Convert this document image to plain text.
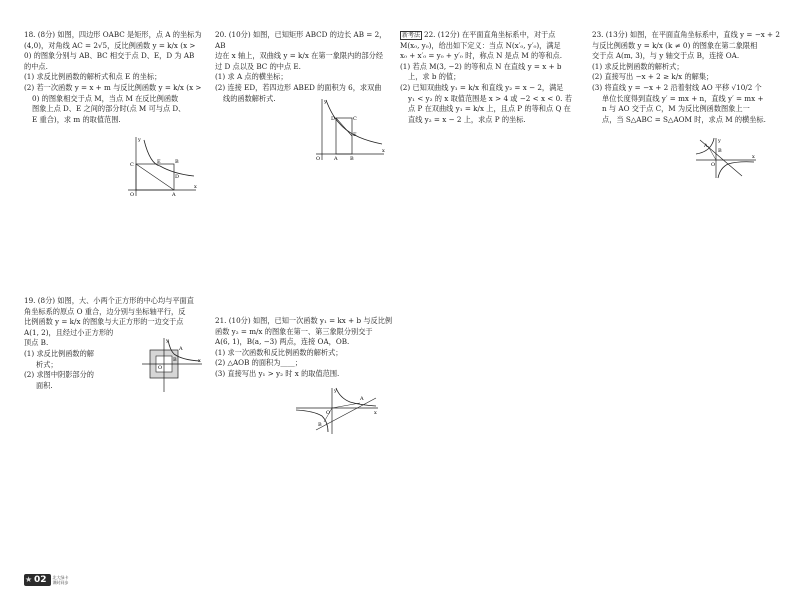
18. (8分) 如图，四边形 OABC 是矩形，点 A 的坐标为

(4,0)，对角线 AC = 2√5，反比例函数 y = k/x (x >

0) 的图象分别与 AB、BC 相交于点 D、E，D 为 AB

的中点.

(1) 求反比例函数的解析式和点 E 的坐标；

(2) 若一次函数 y = x + m 与反比例函数 y = k/x (x >

0) 的图象相交于点 M，当点 M 在反比例函数

图象上点 D、E 之间的部分时(点 M 可与点 D、

E 重合)，求 m 的取值范围.

y
C	B
E
D
O	A
x

20. (10分) 如图，已知矩形 ABCD 的边长 AB = 2，AB

边在 x 轴上，双曲线 y = k/x 在第一象限内的部分经

过 D 点以及 BC 的中点 E.

(1) 求 A 点的横坐标；

(2) 连接 ED，若四边形 ABED 的面积为 6，求双曲

线的函数解析式.	y
D	C
E
O	A B
x

新考法 22. (12分) 在平面直角坐标系中，对于点

M(x₀, y₀)，给出如下定义：当点 N(x′₀, y′₀)，满足

x₀ + x′₀ = y₀ + y′₀ 时，称点 N 是点 M 的等和点.

(1) 若点 M(3, −2) 的等和点 N 在直线 y = x + b

上，求 b 的值；

(2) 已知双曲线 y₁ = k/x 和直线 y₂ = x − 2，满足

y₁ < y₂ 的 x 取值范围是 x > 4 或 −2 < x < 0. 若

点 P 在双曲线 y₁ = k/x 上，且点 P 的等和点 Q 在

直线 y₂ = x − 2 上，求点 P 的坐标.

23. (13分) 如图，在平面直角坐标系中，直线 y = −x + 2

与反比例函数 y = k/x (k ≠ 0) 的图象在第二象限相

交于点 A(m, 3)，与 y 轴交于点 B，连接 OA.

(1) 求反比例函数的解析式；

(2) 直接写出 −x + 2 ≥ k/x 的解集；

(3) 将直线 y = −x + 2 沿着射线 AO 平移 √10/2 个

单位长度得到直线 y′ = mx + n，直线 y′ = mx +

n 与 AO 交于点 C，M 为反比例函数图象上一

点，当 S△ABC = S△AOM 时，求点 M 的横坐标.

y
A
B
O
x

19. (8分) 如图，大、小两个正方形的中心均与平面直

角坐标系的原点 O 重合，边分别与坐标轴平行，反

比例函数 y = k/x 的图象与大正方形的一边交于点

A(1, 2)，且经过小正方形的

顶点 B.

(1) 求反比例函数的解

析式；

(2) 求图中阴影部分的

面积.

y
A
B
O
x

21. (10分) 如图，已知一次函数 y₁ = kx + b 与反比例

函数 y₂ = m/x 的图象在第一、第三象限分别交于

A(6, 1)，B(a, −3) 两点，连接 OA，OB.

(1) 求一次函数和反比例函数的解析式；

(2) △AOB 的面积为____；

(3) 直接写出 y₁ > y₂ 时 x 的取值范围.

y
A
B
O	x
★ 02	北大绿卡
课时同步
